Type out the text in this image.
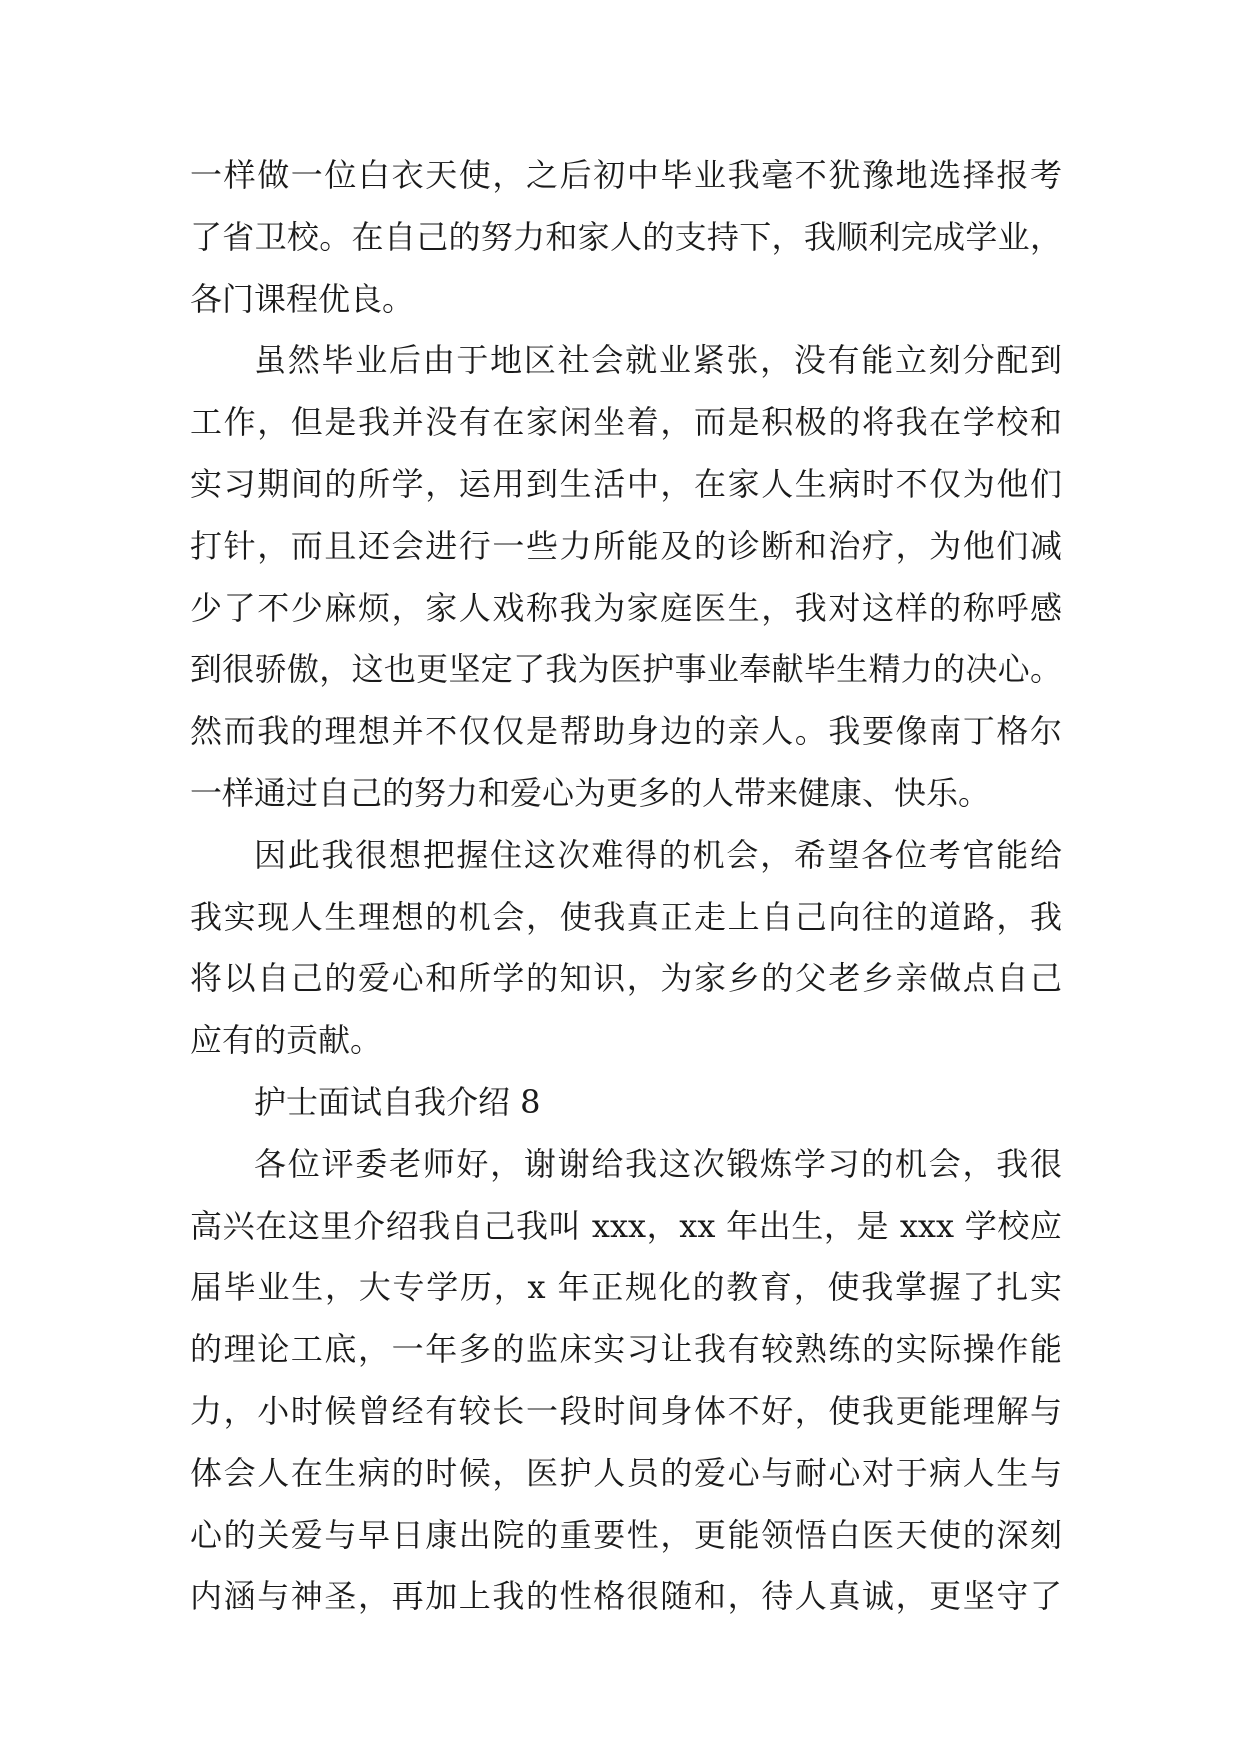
一样做一位白衣天使，之后初中毕业我毫不犹豫地选择报考
了省卫校。在自己的努力和家人的支持下，我顺利完成学业，
各门课程优良。
虽然毕业后由于地区社会就业紧张，没有能立刻分配到
工作，但是我并没有在家闲坐着，而是积极的将我在学校和
实习期间的所学，运用到生活中，在家人生病时不仅为他们
打针，而且还会进行一些力所能及的诊断和治疗，为他们减
少了不少麻烦，家人戏称我为家庭医生，我对这样的称呼感
到很骄傲，这也更坚定了我为医护事业奉献毕生精力的决心。
然而我的理想并不仅仅是帮助身边的亲人。我要像南丁格尔
一样通过自己的努力和爱心为更多的人带来健康、快乐。
因此我很想把握住这次难得的机会，希望各位考官能给
我实现人生理想的机会，使我真正走上自己向往的道路，我
将以自己的爱心和所学的知识，为家乡的父老乡亲做点自己
应有的贡献。
护士面试自我介绍 8
各位评委老师好，谢谢给我这次锻炼学习的机会，我很
高兴在这里介绍我自己我叫 xxx，xx 年出生，是 xxx 学校应
届毕业生，大专学历，x 年正规化的教育，使我掌握了扎实
的理论工底，一年多的监床实习让我有较熟练的实际操作能
力，小时候曾经有较长一段时间身体不好，使我更能理解与
体会人在生病的时候，医护人员的爱心与耐心对于病人生与
心的关爱与早日康出院的重要性，更能领悟白医天使的深刻
内涵与神圣，再加上我的性格很随和，待人真诚，更坚守了
